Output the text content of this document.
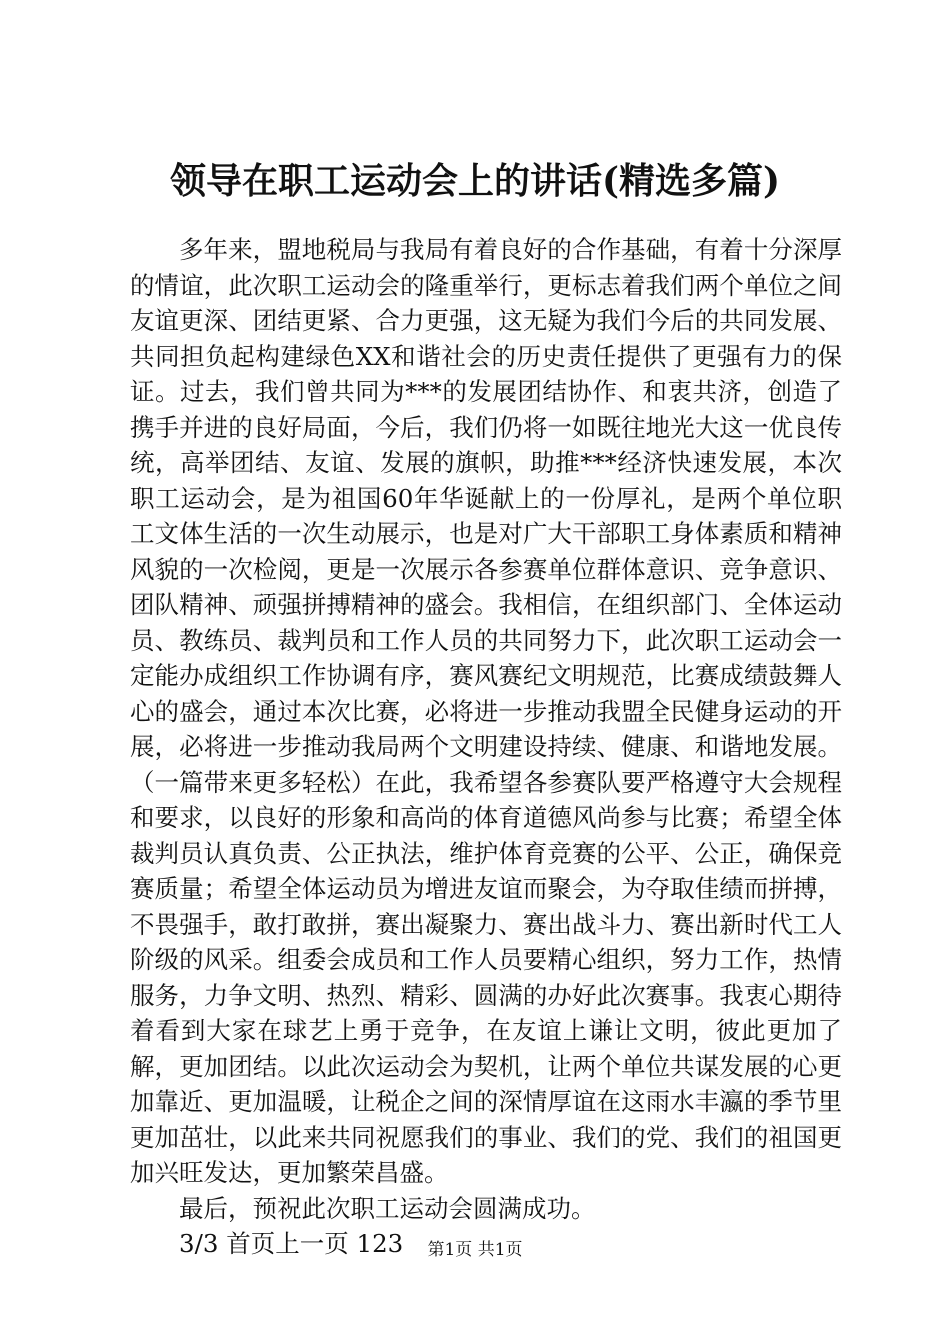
领导在职工运动会上的讲话(精选多篇)

多年来，盟地税局与我局有着良好的合作基础，有着十分深厚的情谊，此次职工运动会的隆重举行，更标志着我们两个单位之间友谊更深、团结更紧、合力更强，这无疑为我们今后的共同发展、共同担负起构建绿色XX和谐社会的历史责任提供了更强有力的保证。过去，我们曾共同为***的发展团结协作、和衷共济，创造了携手并进的良好局面，今后，我们仍将一如既往地光大这一优良传统，高举团结、友谊、发展的旗帜，助推***经济快速发展，本次职工运动会，是为祖国60年华诞献上的一份厚礼，是两个单位职工文体生活的一次生动展示，也是对广大干部职工身体素质和精神风貌的一次检阅，更是一次展示各参赛单位群体意识、竞争意识、团队精神、顽强拼搏精神的盛会。我相信，在组织部门、全体运动员、教练员、裁判员和工作人员的共同努力下，此次职工运动会一定能办成组织工作协调有序，赛风赛纪文明规范，比赛成绩鼓舞人心的盛会，通过本次比赛，必将进一步推动我盟全民健身运动的开展，必将进一步推动我局两个文明建设持续、健康、和谐地发展。（一篇带来更多轻松）在此，我希望各参赛队要严格遵守大会规程和要求，以良好的形象和高尚的体育道德风尚参与比赛；希望全体裁判员认真负责、公正执法，维护体育竞赛的公平、公正，确保竞赛质量；希望全体运动员为增进友谊而聚会，为夺取佳绩而拼搏，不畏强手，敢打敢拼，赛出凝聚力、赛出战斗力、赛出新时代工人阶级的风采。组委会成员和工作人员要精心组织，努力工作，热情服务，力争文明、热烈、精彩、圆满的办好此次赛事。我衷心期待着看到大家在球艺上勇于竞争，在友谊上谦让文明，彼此更加了解，更加团结。以此次运动会为契机，让两个单位共谋发展的心更加靠近、更加温暖，让税企之间的深情厚谊在这雨水丰瀛的季节里更加茁壮，以此来共同祝愿我们的事业、我们的党、我们的祖国更加兴旺发达，更加繁荣昌盛。

最后，预祝此次职工运动会圆满成功。

3/3 首页上一页 123	第1页 共1页
